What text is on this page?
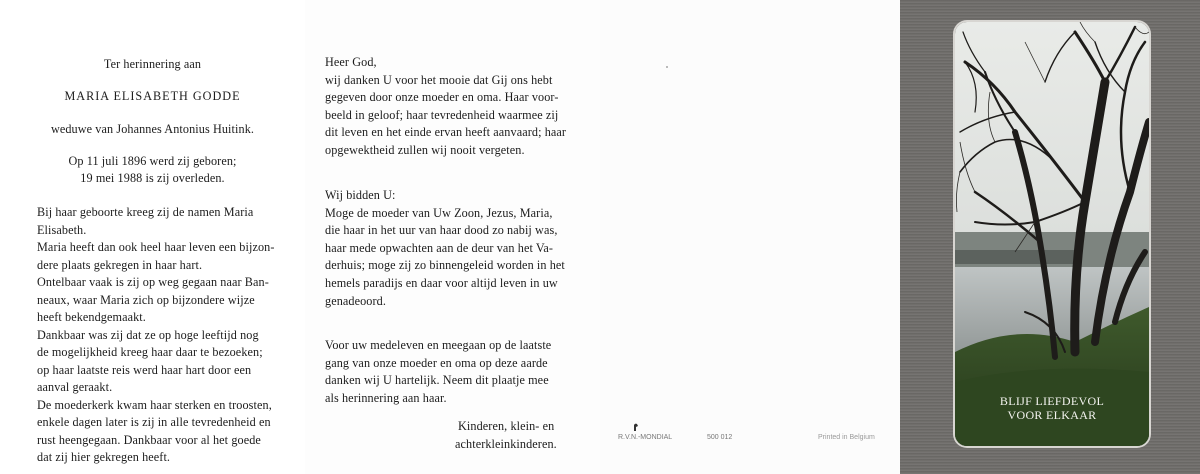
Ter herinnering aan
MARIA ELISABETH GODDE
weduwe van Johannes Antonius Huitink.
Op 11 juli 1896 werd zij geboren;
19 mei 1988 is zij overleden.
Bij haar geboorte kreeg zij de namen Maria
Elisabeth.
Maria heeft dan ook heel haar leven een bijzon-
dere plaats gekregen in haar hart.
Ontelbaar vaak is zij op weg gegaan naar Ban-
neaux, waar Maria zich op bijzondere wijze
heeft bekendgemaakt.
Dankbaar was zij dat ze op hoge leeftijd nog
de mogelijkheid kreeg haar daar te bezoeken;
op haar laatste reis werd haar hart door een
aanval geraakt.
De moederkerk kwam haar sterken en troosten,
enkele dagen later is zij in alle tevredenheid en
rust heengegaan. Dankbaar voor al het goede
dat zij hier gekregen heeft.
Heer God,
wij danken U voor het mooie dat Gij ons hebt
gegeven door onze moeder en oma. Haar voor-
beeld in geloof; haar tevredenheid waarmee zij
dit leven en het einde ervan heeft aanvaard; haar
opgewektheid zullen wij nooit vergeten.
Wij bidden U:
Moge de moeder van Uw Zoon, Jezus, Maria,
die haar in het uur van haar dood zo nabij was,
haar mede opwachten aan de deur van het Va-
derhuis; moge zij zo binnengeleid worden in het
hemels paradijs en daar voor altijd leven in uw
genadeoord.
Voor uw medeleven en meegaan op de laatste
gang van onze moeder en oma op deze aarde
danken wij U hartelijk. Neem dit plaatje mee
als herinnering aan haar.
Kinderen, klein- en
achterkleinkinderen.	R.V.N.-MONDIAL	500 012	Printed in Belgium
BLIJF LIEFDEVOL
VOOR ELKAAR
